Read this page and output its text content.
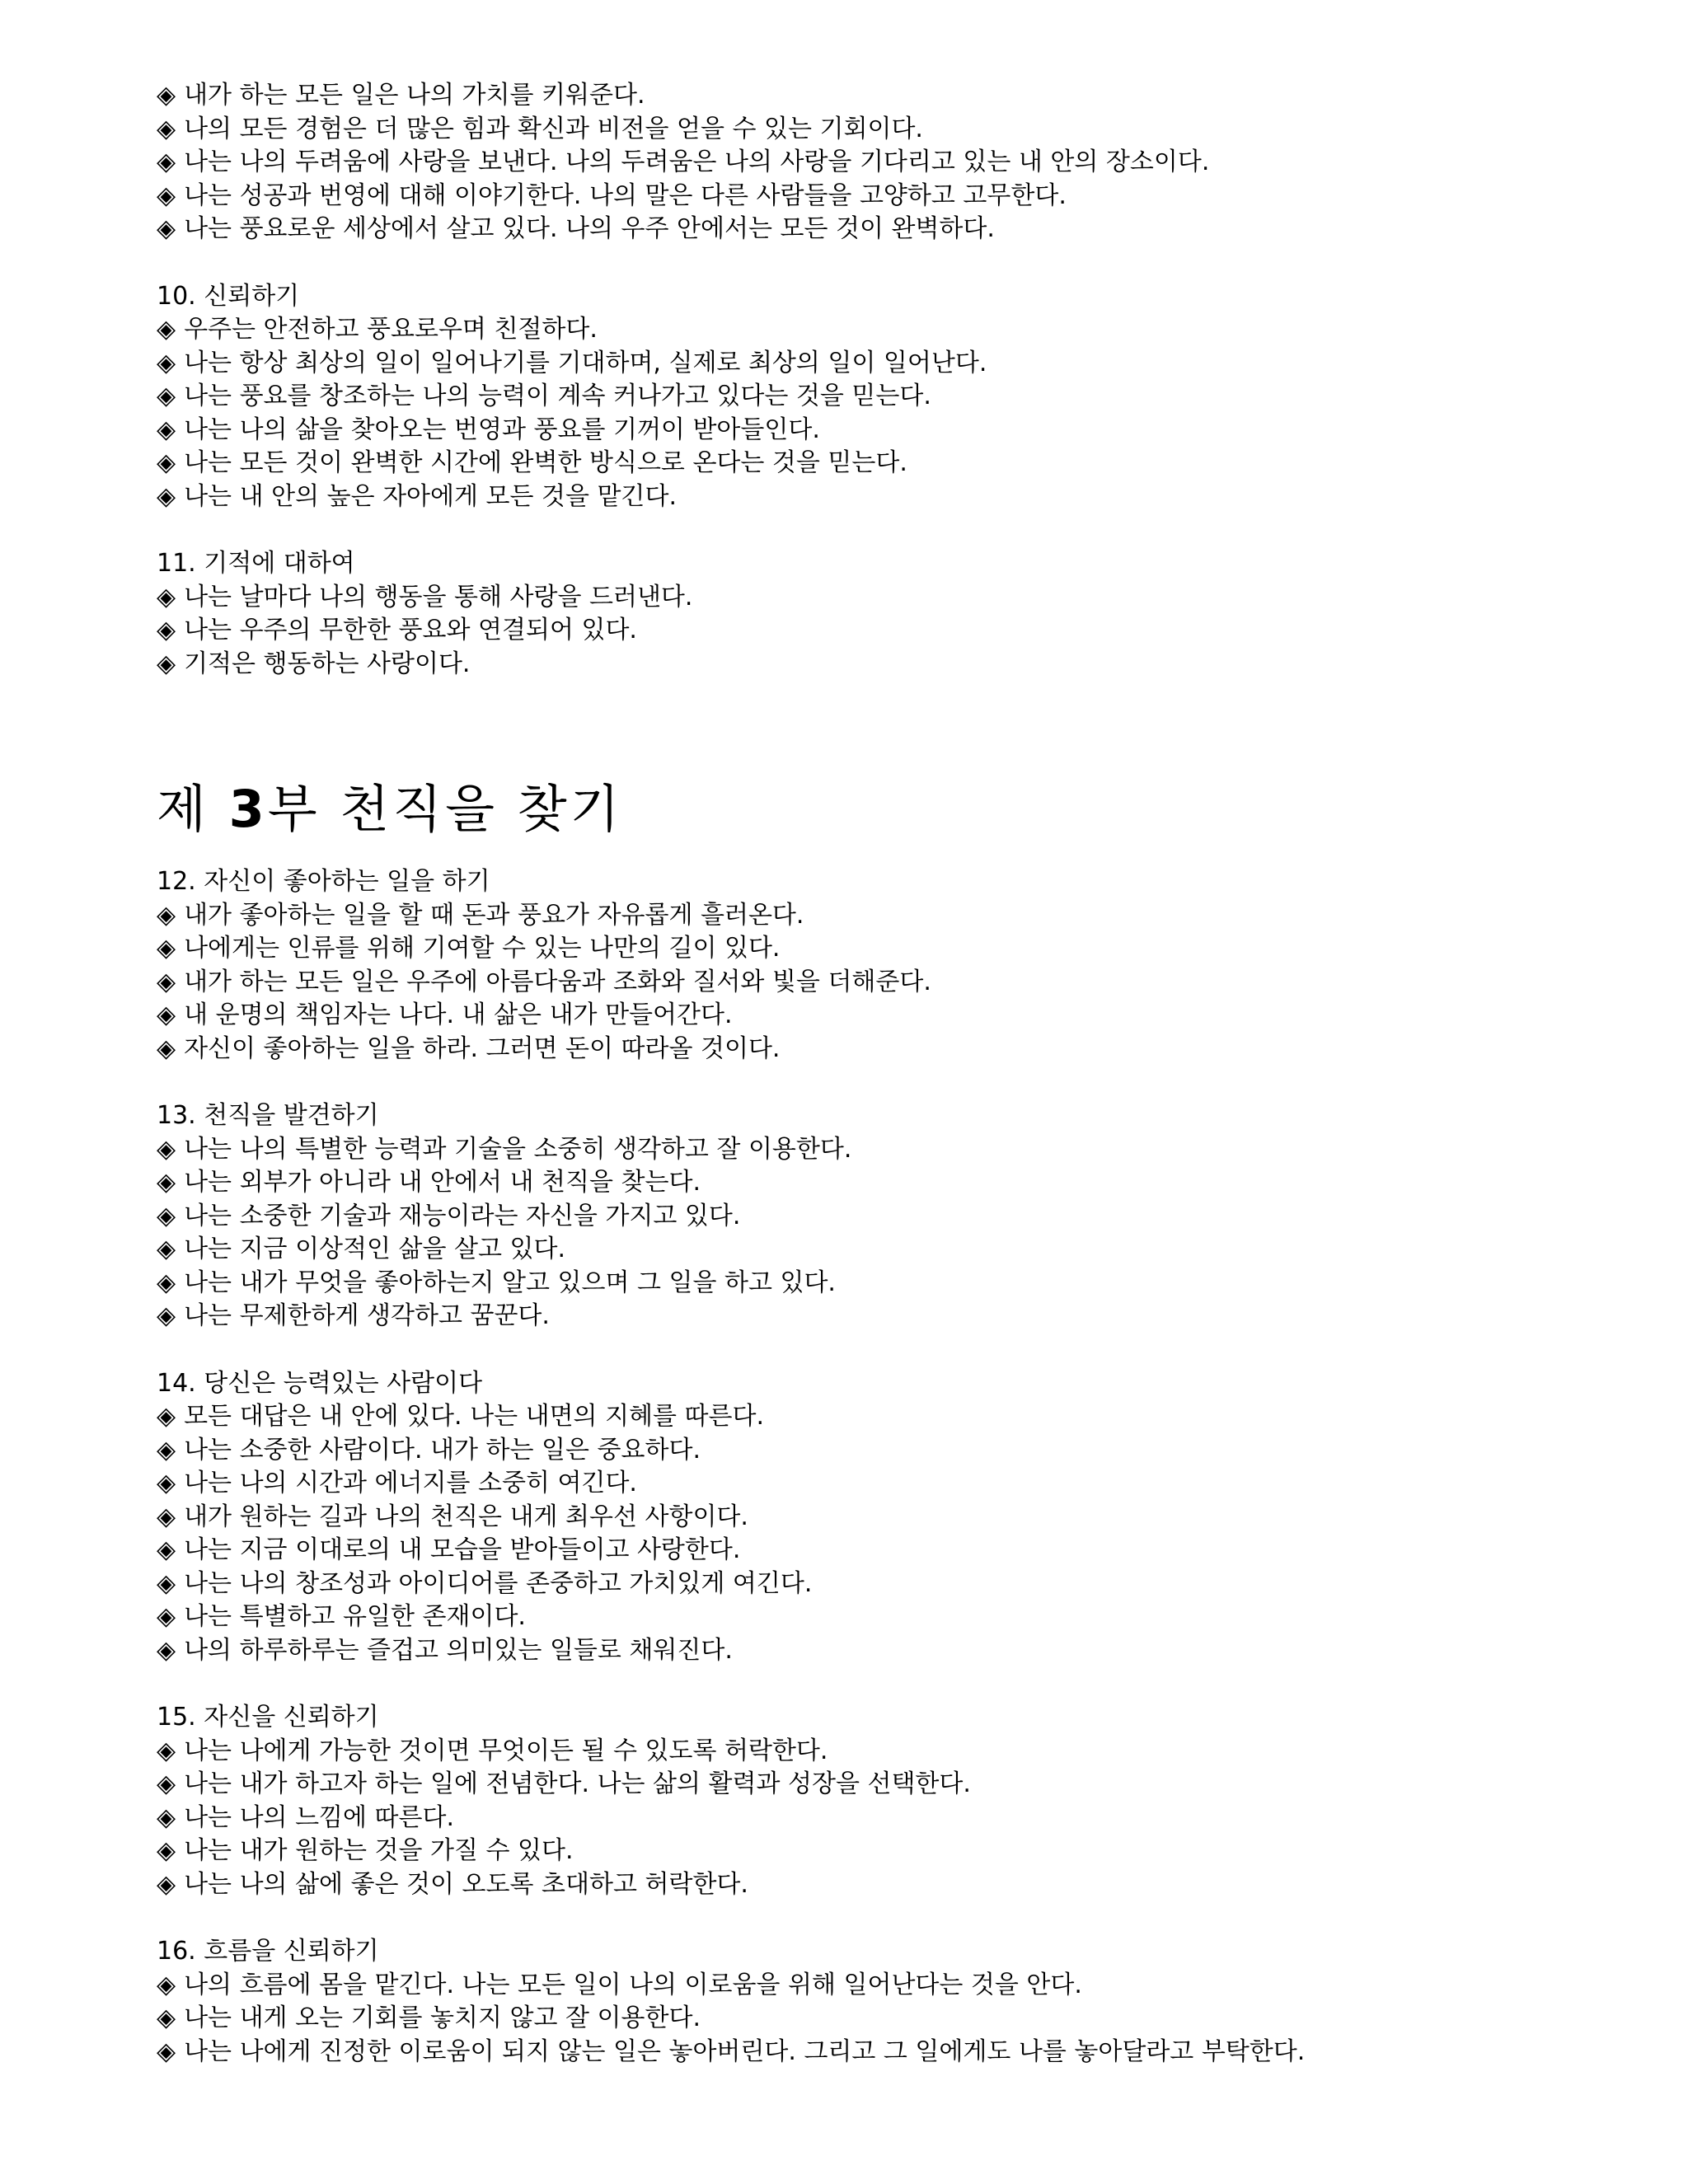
◈ 내가 하는 모든 일은 나의 가치를 키워준다.
◈ 나의 모든 경험은 더 많은 힘과 확신과 비전을 얻을 수 있는 기회이다.
◈ 나는 나의 두려움에 사랑을 보낸다. 나의 두려움은 나의 사랑을 기다리고 있는 내 안의 장소이다.
◈ 나는 성공과 번영에 대해 이야기한다. 나의 말은 다른 사람들을 고양하고 고무한다.
◈ 나는 풍요로운 세상에서 살고 있다. 나의 우주 안에서는 모든 것이 완벽하다.
10. 신뢰하기
◈ 우주는 안전하고 풍요로우며 친절하다.
◈ 나는 항상 최상의 일이 일어나기를 기대하며, 실제로 최상의 일이 일어난다.
◈ 나는 풍요를 창조하는 나의 능력이 계속 커나가고 있다는 것을 믿는다.
◈ 나는 나의 삶을 찾아오는 번영과 풍요를 기꺼이 받아들인다.
◈ 나는 모든 것이 완벽한 시간에 완벽한 방식으로 온다는 것을 믿는다.
◈ 나는 내 안의 높은 자아에게 모든 것을 맡긴다.
11. 기적에 대하여
◈ 나는 날마다 나의 행동을 통해 사랑을 드러낸다.
◈ 나는 우주의 무한한 풍요와 연결되어 있다.
◈ 기적은 행동하는 사랑이다.
제 3부 천직을 찾기
12. 자신이 좋아하는 일을 하기
◈ 내가 좋아하는 일을 할 때 돈과 풍요가 자유롭게 흘러온다.
◈ 나에게는 인류를 위해 기여할 수 있는 나만의 길이 있다.
◈ 내가 하는 모든 일은 우주에 아름다움과 조화와 질서와 빛을 더해준다.
◈ 내 운명의 책임자는 나다. 내 삶은 내가 만들어간다.
◈ 자신이 좋아하는 일을 하라. 그러면 돈이 따라올 것이다.
13. 천직을 발견하기
◈ 나는 나의 특별한 능력과 기술을 소중히 생각하고 잘 이용한다.
◈ 나는 외부가 아니라 내 안에서 내 천직을 찾는다.
◈ 나는 소중한 기술과 재능이라는 자신을 가지고 있다.
◈ 나는 지금 이상적인 삶을 살고 있다.
◈ 나는 내가 무엇을 좋아하는지 알고 있으며 그 일을 하고 있다.
◈ 나는 무제한하게 생각하고 꿈꾼다.
14. 당신은 능력있는 사람이다
◈ 모든 대답은 내 안에 있다. 나는 내면의 지혜를 따른다.
◈ 나는 소중한 사람이다. 내가 하는 일은 중요하다.
◈ 나는 나의 시간과 에너지를 소중히 여긴다.
◈ 내가 원하는 길과 나의 천직은 내게 최우선 사항이다.
◈ 나는 지금 이대로의 내 모습을 받아들이고 사랑한다.
◈ 나는 나의 창조성과 아이디어를 존중하고 가치있게 여긴다.
◈ 나는 특별하고 유일한 존재이다.
◈ 나의 하루하루는 즐겁고 의미있는 일들로 채워진다.
15. 자신을 신뢰하기
◈ 나는 나에게 가능한 것이면 무엇이든 될 수 있도록 허락한다.
◈ 나는 내가 하고자 하는 일에 전념한다. 나는 삶의 활력과 성장을 선택한다.
◈ 나는 나의 느낌에 따른다.
◈ 나는 내가 원하는 것을 가질 수 있다.
◈ 나는 나의 삶에 좋은 것이 오도록 초대하고 허락한다.
16. 흐름을 신뢰하기
◈ 나의 흐름에 몸을 맡긴다. 나는 모든 일이 나의 이로움을 위해 일어난다는 것을 안다.
◈ 나는 내게 오는 기회를 놓치지 않고 잘 이용한다.
◈ 나는 나에게 진정한 이로움이 되지 않는 일은 놓아버린다. 그리고 그 일에게도 나를 놓아달라고 부탁한다.
